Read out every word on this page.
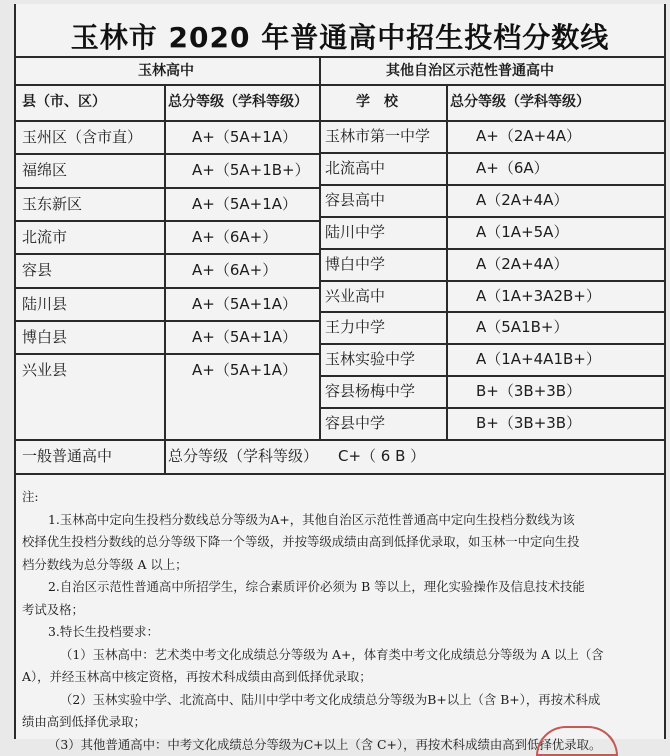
玉林市 2020 年普通高中招生投档分数线
玉林高中	其他自治区示范性普通高中
县（市、区）	总分等级（学科等级）	学　校	总分等级（学科等级）
一般普通高中	总分等级（学科等级） C+（ 6 B ）

注:

1.玉林高中定向生投档分数线总分等级为A+，其他自治区示范性普通高中定向生投档分数线为该

校择优生投档分数线的总分等级下降一个等级，并按等级成绩由高到低择优录取，如玉林一中定向生投

档分数线为总分等级 A 以上；

2.自治区示范性普通高中所招学生，综合素质评价必须为 B 等以上，理化实验操作及信息技术技能

考试及格；

3.特长生投档要求：

（1）玉林高中：艺术类中考文化成绩总分等级为 A+，体育类中考文化成绩总分等级为 A 以上（含

A），并经玉林高中核定资格，再按术科成绩由高到低择优录取；

（2）玉林实验中学、北流高中、陆川中学中考文化成绩总分等级为B+以上（含 B+），再按术科成

绩由高到低择优录取；

（3）其他普通高中：中考文化成绩总分等级为C+以上（含 C+），再按术科成绩由高到低择优录取。

玉州区（含市直）	A+（5A+1A）
福绵区	A+（5A+1B+）
玉东新区	A+（5A+1A）
北流市	A+（6A+）
容县	A+（6A+）
陆川县	A+（5A+1A）
博白县	A+（5A+1A）
兴业县	A+（5A+1A）
玉林市第一中学	A+（2A+4A）
北流高中	A+（6A）
容县高中	A（2A+4A）
陆川中学	A（1A+5A）
博白中学	A（2A+4A）
兴业高中	A（1A+3A2B+）
王力中学	A（5A1B+）
玉林实验中学	A（1A+4A1B+）
容县杨梅中学	B+（3B+3B）
容县中学	B+（3B+3B）
